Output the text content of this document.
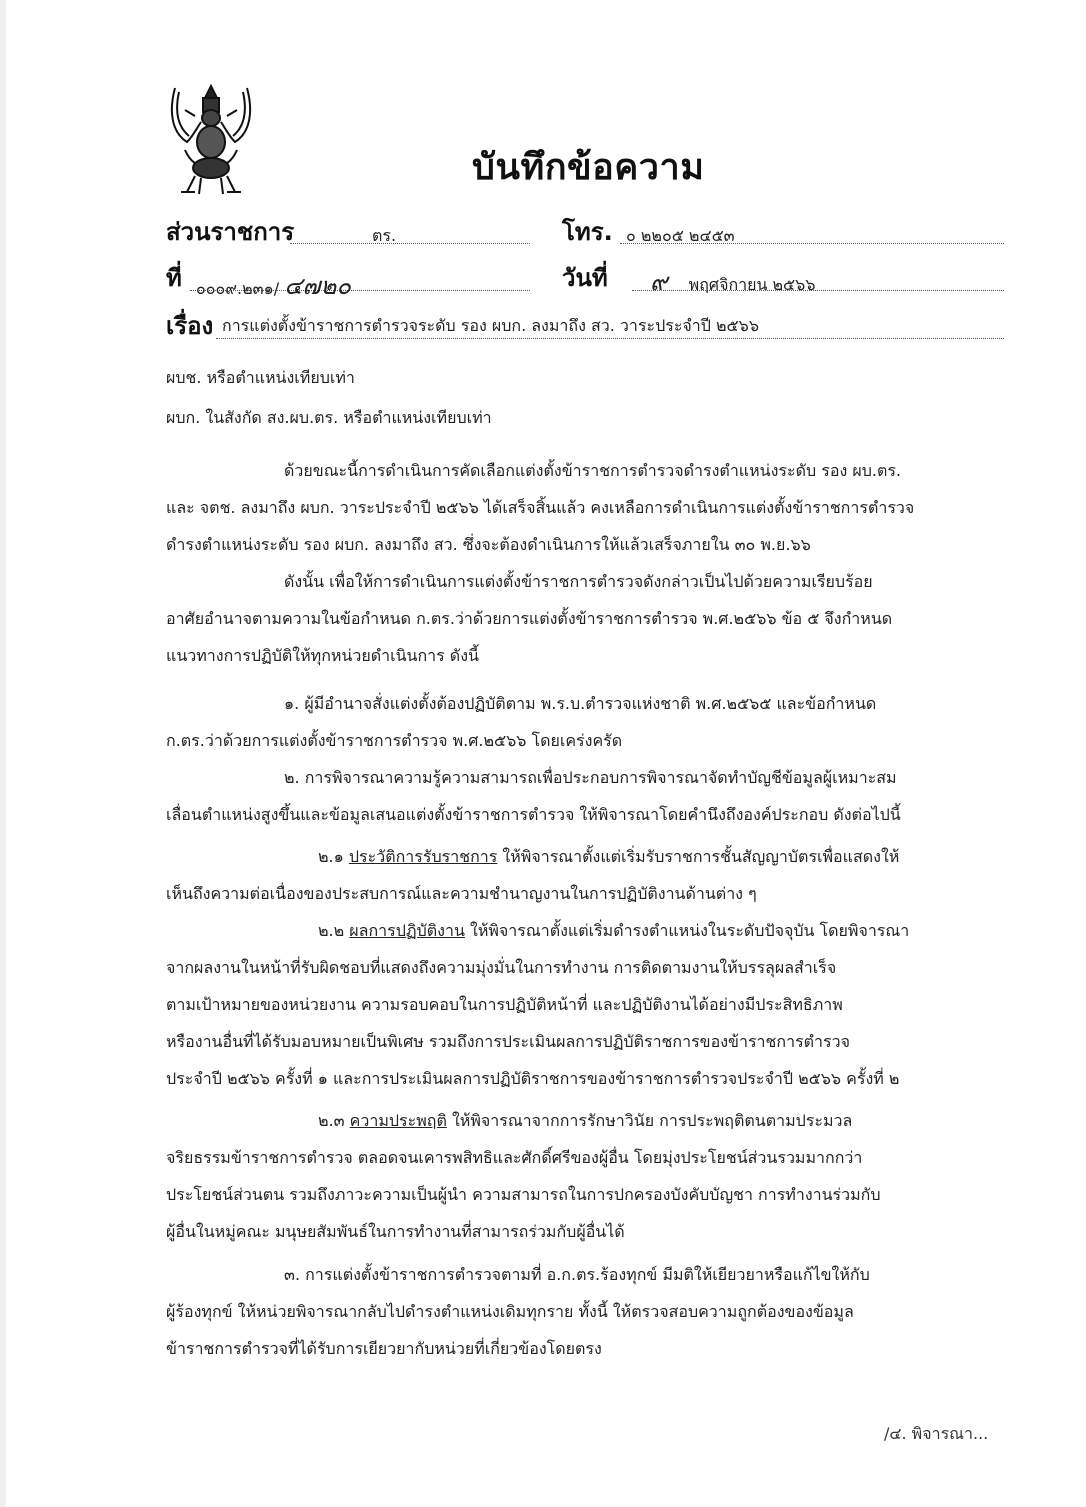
บันทึกข้อความ
ส่วนราชการ	ตร.	โทร. ๐ ๒๒๐๕ ๒๔๕๓
ที่ ๐๐๐๙.๒๓๑/ ๔๗๒๐	วันที่ ๙ พฤศจิกายน ๒๕๖๖
เรื่อง การแต่งตั้งข้าราชการตำรวจระดับ รอง ผบก. ลงมาถึง สว. วาระประจำปี ๒๕๖๖
ผบช. หรือตำแหน่งเทียบเท่า
ผบก. ในสังกัด สง.ผบ.ตร. หรือตำแหน่งเทียบเท่า
ด้วยขณะนี้การดำเนินการคัดเลือกแต่งตั้งข้าราชการตำรวจดำรงตำแหน่งระดับ รอง ผบ.ตร.
และ จตช. ลงมาถึง ผบก. วาระประจำปี ๒๕๖๖ ได้เสร็จสิ้นแล้ว คงเหลือการดำเนินการแต่งตั้งข้าราชการตำรวจ
ดำรงตำแหน่งระดับ รอง ผบก. ลงมาถึง สว. ซึ่งจะต้องดำเนินการให้แล้วเสร็จภายใน ๓๐ พ.ย.๖๖
ดังนั้น เพื่อให้การดำเนินการแต่งตั้งข้าราชการตำรวจดังกล่าวเป็นไปด้วยความเรียบร้อย
อาศัยอำนาจตามความในข้อกำหนด ก.ตร.ว่าด้วยการแต่งตั้งข้าราชการตำรวจ พ.ศ.๒๕๖๖ ข้อ ๕ จึงกำหนด
แนวทางการปฏิบัติให้ทุกหน่วยดำเนินการ ดังนี้
๑. ผู้มีอำนาจสั่งแต่งตั้งต้องปฏิบัติตาม พ.ร.บ.ตำรวจแห่งชาติ พ.ศ.๒๕๖๕ และข้อกำหนด
ก.ตร.ว่าด้วยการแต่งตั้งข้าราชการตำรวจ พ.ศ.๒๕๖๖ โดยเคร่งครัด
๒. การพิจารณาความรู้ความสามารถเพื่อประกอบการพิจารณาจัดทำบัญชีข้อมูลผู้เหมาะสม
เลื่อนตำแหน่งสูงขึ้นและข้อมูลเสนอแต่งตั้งข้าราชการตำรวจ ให้พิจารณาโดยคำนึงถึงองค์ประกอบ ดังต่อไปนี้
๒.๑ ประวัติการรับราชการ ให้พิจารณาตั้งแต่เริ่มรับราชการชั้นสัญญาบัตรเพื่อแสดงให้
เห็นถึงความต่อเนื่องของประสบการณ์และความชำนาญงานในการปฏิบัติงานด้านต่าง ๆ
๒.๒ ผลการปฏิบัติงาน ให้พิจารณาตั้งแต่เริ่มดำรงตำแหน่งในระดับปัจจุบัน โดยพิจารณา
จากผลงานในหน้าที่รับผิดชอบที่แสดงถึงความมุ่งมั่นในการทำงาน การติดตามงานให้บรรลุผลสำเร็จ
ตามเป้าหมายของหน่วยงาน ความรอบคอบในการปฏิบัติหน้าที่ และปฏิบัติงานได้อย่างมีประสิทธิภาพ
หรืองานอื่นที่ได้รับมอบหมายเป็นพิเศษ รวมถึงการประเมินผลการปฏิบัติราชการของข้าราชการตำรวจ
ประจำปี ๒๕๖๖ ครั้งที่ ๑ และการประเมินผลการปฏิบัติราชการของข้าราชการตำรวจประจำปี ๒๕๖๖ ครั้งที่ ๒
๒.๓ ความประพฤติ ให้พิจารณาจากการรักษาวินัย การประพฤติตนตามประมวล
จริยธรรมข้าราชการตำรวจ ตลอดจนเคารพสิทธิและศักดิ์ศรีของผู้อื่น โดยมุ่งประโยชน์ส่วนรวมมากกว่า
ประโยชน์ส่วนตน รวมถึงภาวะความเป็นผู้นำ ความสามารถในการปกครองบังคับบัญชา การทำงานร่วมกับ
ผู้อื่นในหมู่คณะ มนุษยสัมพันธ์ในการทำงานที่สามารถร่วมกับผู้อื่นได้
๓. การแต่งตั้งข้าราชการตำรวจตามที่ อ.ก.ตร.ร้องทุกข์ มีมติให้เยียวยาหรือแก้ไขให้กับ
ผู้ร้องทุกข์ ให้หน่วยพิจารณากลับไปดำรงตำแหน่งเดิมทุกราย ทั้งนี้ ให้ตรวจสอบความถูกต้องของข้อมูล
ข้าราชการตำรวจที่ได้รับการเยียวยากับหน่วยที่เกี่ยวข้องโดยตรง
/๔. พิจารณา...
